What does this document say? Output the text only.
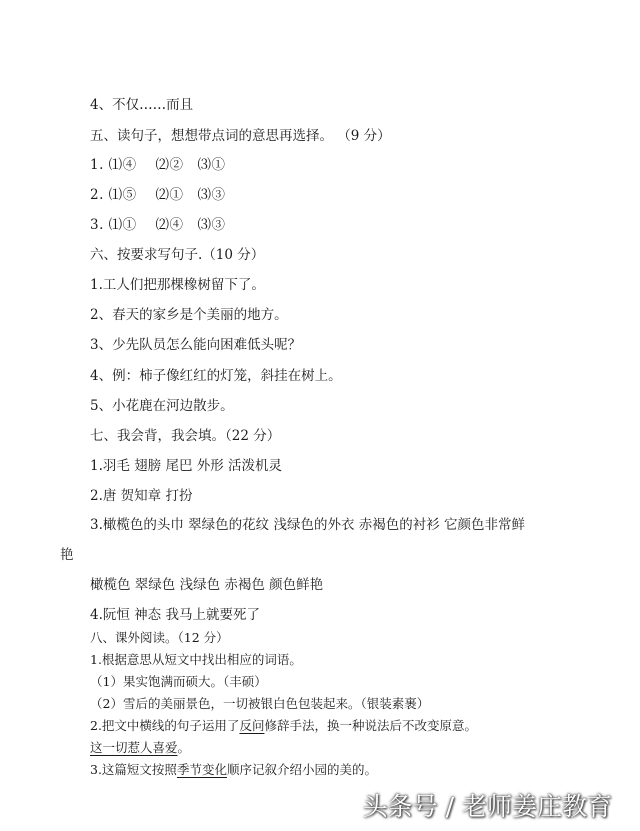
4、不仅……而且
五、读句子，想想带点词的意思再选择。 （9 分）
1. ⑴④　 ⑵②　⑶①
2. ⑴⑤　 ⑵①　⑶③
3. ⑴①　 ⑵④　⑶③
六、按要求写句子.（10 分）
1.工人们把那棵橡树留下了。
2、春天的家乡是个美丽的地方。
3、少先队员怎么能向困难低头呢？
4、例：柿子像红红的灯笼，斜挂在树上。
5、小花鹿在河边散步。
七、我会背，我会填。（22 分）
1.羽毛 翅膀 尾巴 外形 活泼机灵
2.唐 贺知章 打扮
3.橄榄色的头巾 翠绿色的花纹 浅绿色的外衣 赤褐色的衬衫 它颜色非常鲜
艳
橄榄色 翠绿色 浅绿色 赤褐色 颜色鲜艳
4.阮恒 神态 我马上就要死了
八、课外阅读。（12 分）
1.根据意思从短文中找出相应的词语。
（1）果实饱满而硕大。（丰硕）
（2）雪后的美丽景色，一切被银白色包装起来。（银装素裹）
2.把文中横线的句子运用了反问修辞手法，换一种说法后不改变原意。
这一切惹人喜爱。
3.这篇短文按照季节变化顺序记叙介绍小园的美的。
头条号 / 老师姜庄教育
